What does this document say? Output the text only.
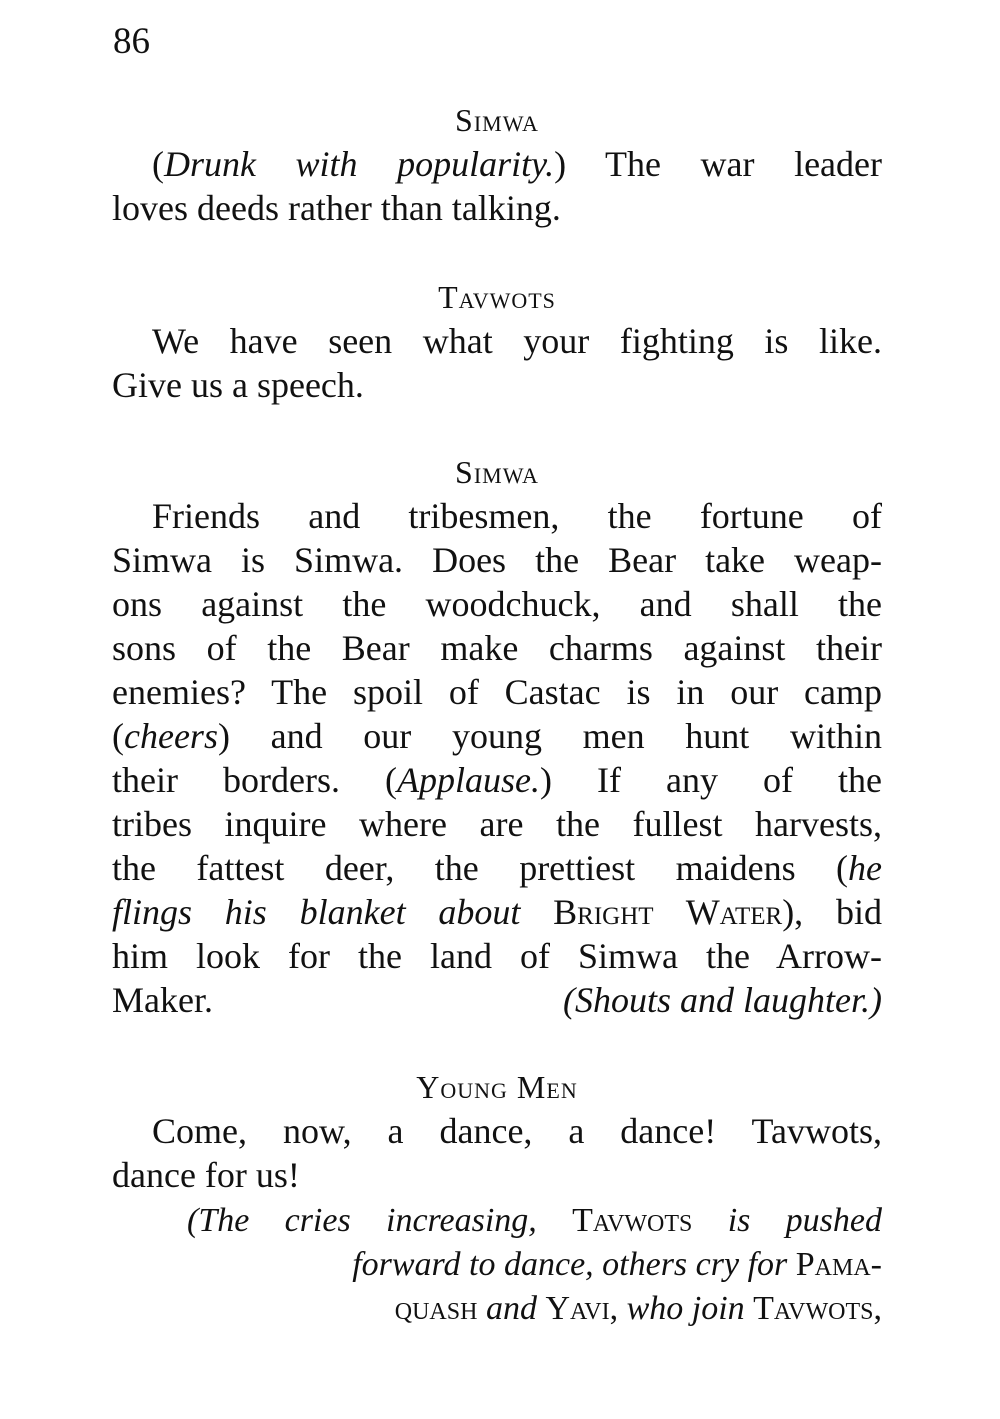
86
Simwa
(Drunk with popularity.) The war leader
loves deeds rather than talking.
Tavwots
We have seen what your fighting is like.
Give us a speech.
Simwa
Friends and tribesmen, the fortune of
Simwa is Simwa. Does the Bear take weap-
ons against the woodchuck, and shall the
sons of the Bear make charms against their
enemies? The spoil of Castac is in our camp
(cheers) and our young men hunt within
their borders. (Applause.) If any of the
tribes inquire where are the fullest harvests,
the fattest deer, the prettiest maidens (he
flings his blanket about Bright Water), bid
him look for the land of Simwa the Arrow-
Maker.	(Shouts and laughter.)
Young Men
Come, now, a dance, a dance! Tavwots,
dance for us!
(The cries increasing, Tavwots is pushed
forward to dance, others cry for Pama-
quash and Yavi, who join Tavwots,
